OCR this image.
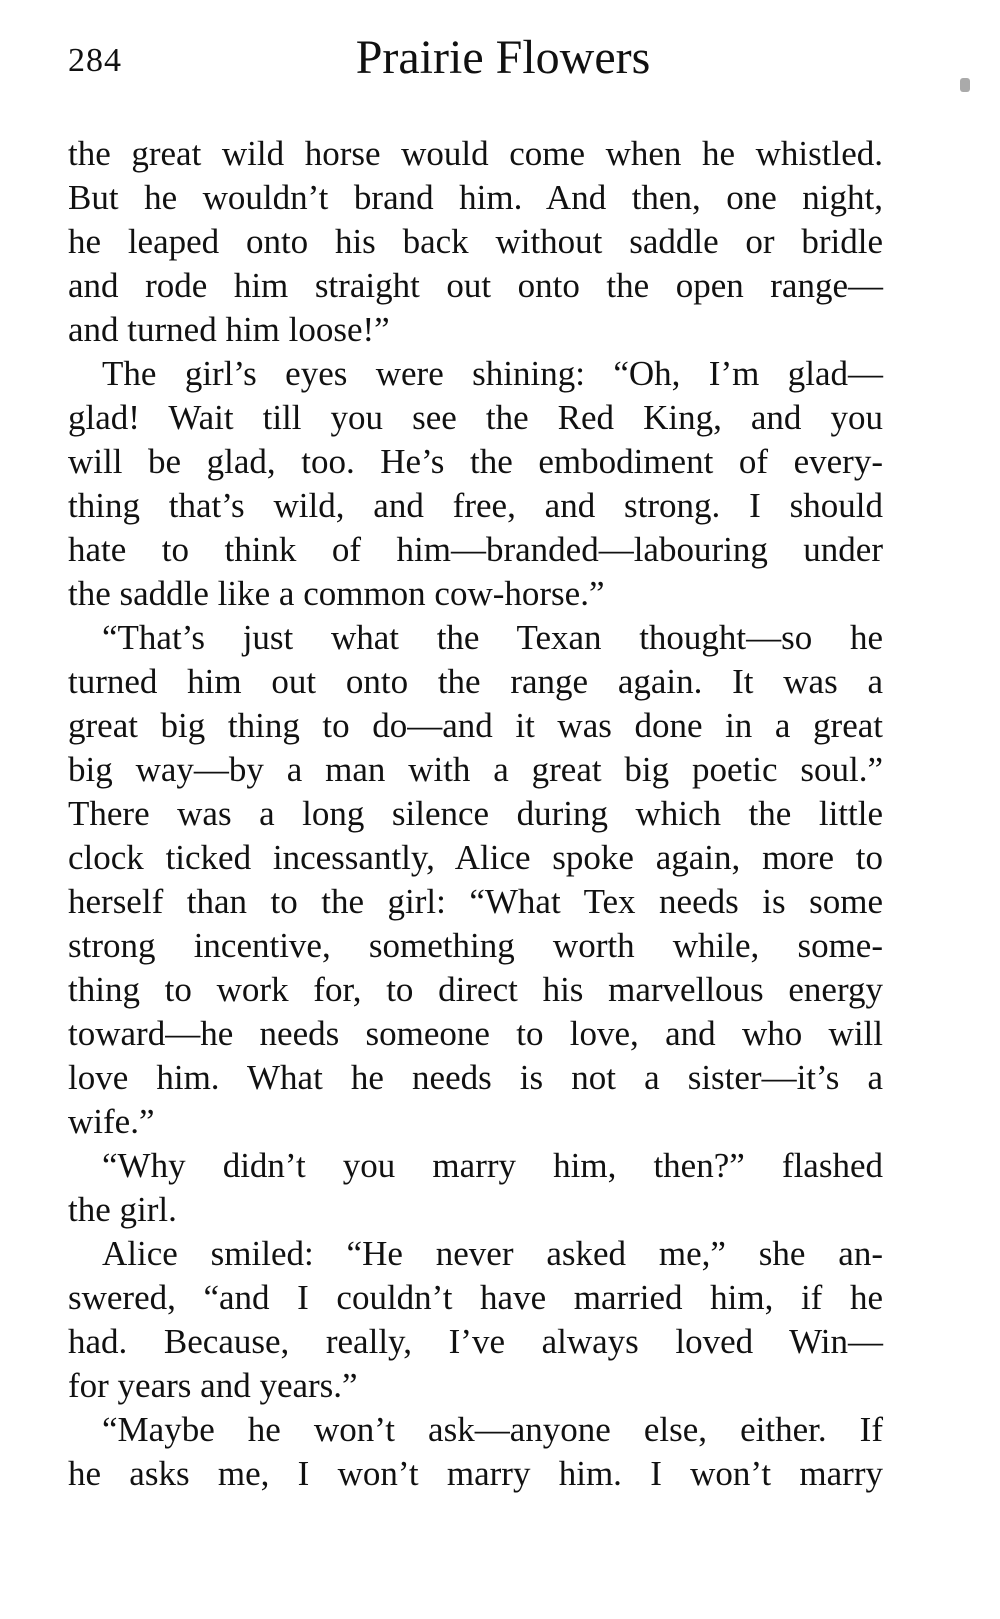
284	Prairie Flowers
the great wild horse would come when he whistled.
But he wouldn’t brand him. And then, one night,
he leaped onto his back without saddle or bridle
and rode him straight out onto the open range—
and turned him loose!”
The girl’s eyes were shining: “Oh, I’m glad—
glad! Wait till you see the Red King, and you
will be glad, too. He’s the embodiment of every-
thing that’s wild, and free, and strong. I should
hate to think of him—branded—labouring under
the saddle like a common cow-horse.”
“That’s just what the Texan thought—so he
turned him out onto the range again. It was a
great big thing to do—and it was done in a great
big way—by a man with a great big poetic soul.”
There was a long silence during which the little
clock ticked incessantly, Alice spoke again, more to
herself than to the girl: “What Tex needs is some
strong incentive, something worth while, some-
thing to work for, to direct his marvellous energy
toward—he needs someone to love, and who will
love him. What he needs is not a sister—it’s a
wife.”
“Why didn’t you marry him, then?” flashed
the girl.
Alice smiled: “He never asked me,” she an-
swered, “and I couldn’t have married him, if he
had. Because, really, I’ve always loved Win—
for years and years.”
“Maybe he won’t ask—anyone else, either. If
he asks me, I won’t marry him. I won’t marry
